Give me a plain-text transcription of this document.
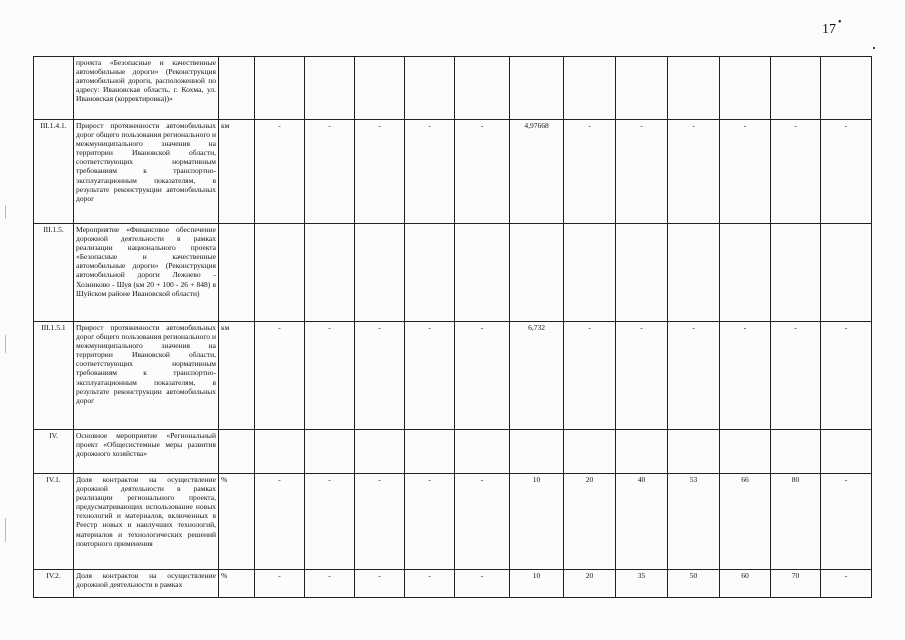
17 •
	проекта «Безопасные и качественные автомобильные дороги» (Реконструкция автомобильной дороги, расположенной по адресу: Ивановская область, г. Кохма, ул. Ивановская (корректировка))»													
III.1.4.1.	Прирост протяженности автомобильных дорог общего пользования регионального и межмуниципального значения на территории Ивановской области, соответствующих нормативным требованиям к транспортно-эксплуатационным показателям, в результате реконструкции автомобильных дорог	км	-	-	-	-	-	4,97668	-	-	-	-	-	-
III.1.5.	Мероприятие «Финансовое обеспечение дорожной деятельности в рамках реализации национального проекта «Безопасные и качественные автомобильные дороги» (Реконструкция автомобильной дороги Лежнево - Хозниково - Шуя (км 20 + 100 - 26 + 848) в Шуйском районе Ивановской области)													
III.1.5.1	Прирост протяженности автомобильных дорог общего пользования регионального и межмуниципального значения на территории Ивановской области, соответствующих нормативным требованиям к транспортно-эксплуатационным показателям, в результате реконструкции автомобильных дорог	км	-	-	-	-	-	6,732	-	-	-	-	-	-
IV.	Основное мероприятие «Региональный проект «Общесистемные меры развития дорожного хозяйства»													
IV.1.	Доля контрактов на осуществление дорожной деятельности в рамках реализации регионального проекта, предусматривающих использование новых технологий и материалов, включенных в Реестр новых и наилучших технологий, материалов и технологических решений повторного применения	%	-	-	-	-	-	10	20	40	53	66	80	-
IV.2.	Доля контрактов на осуществление дорожной деятельности в рамках	%	-	-	-	-	-	10	20	35	50	60	70	-
